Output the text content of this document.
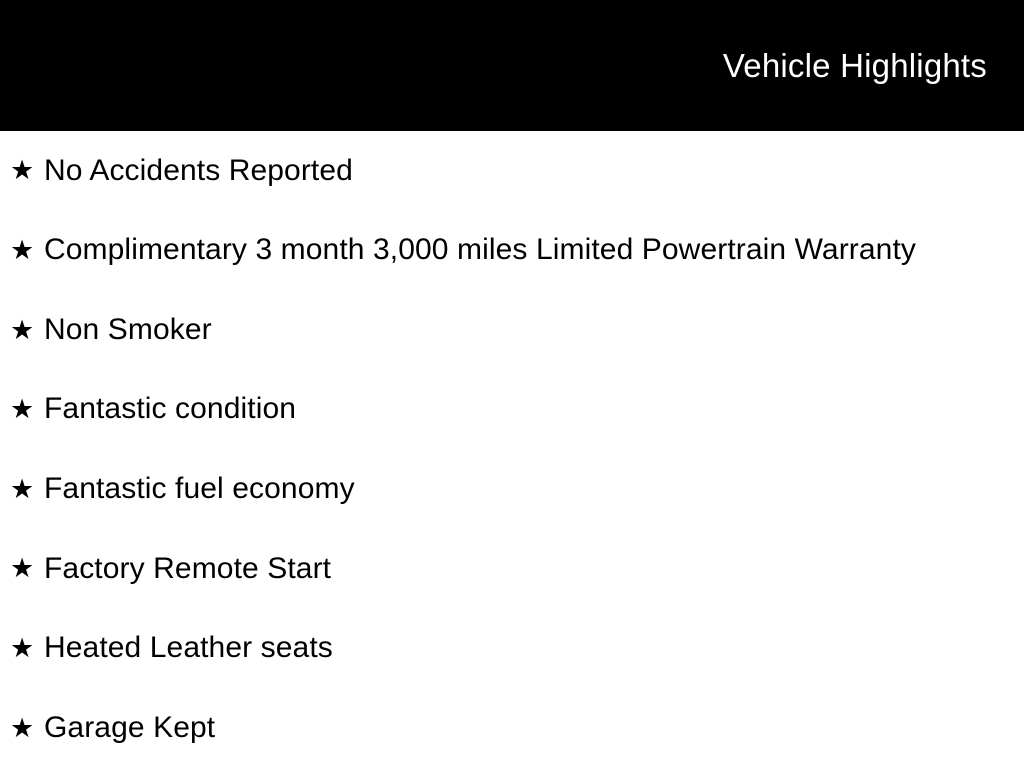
Vehicle Highlights
★ No Accidents Reported
★ Complimentary 3 month 3,000 miles Limited Powertrain Warranty
★ Non Smoker
★ Fantastic condition
★ Fantastic fuel economy
★ Factory Remote Start
★ Heated Leather seats
★ Garage Kept
